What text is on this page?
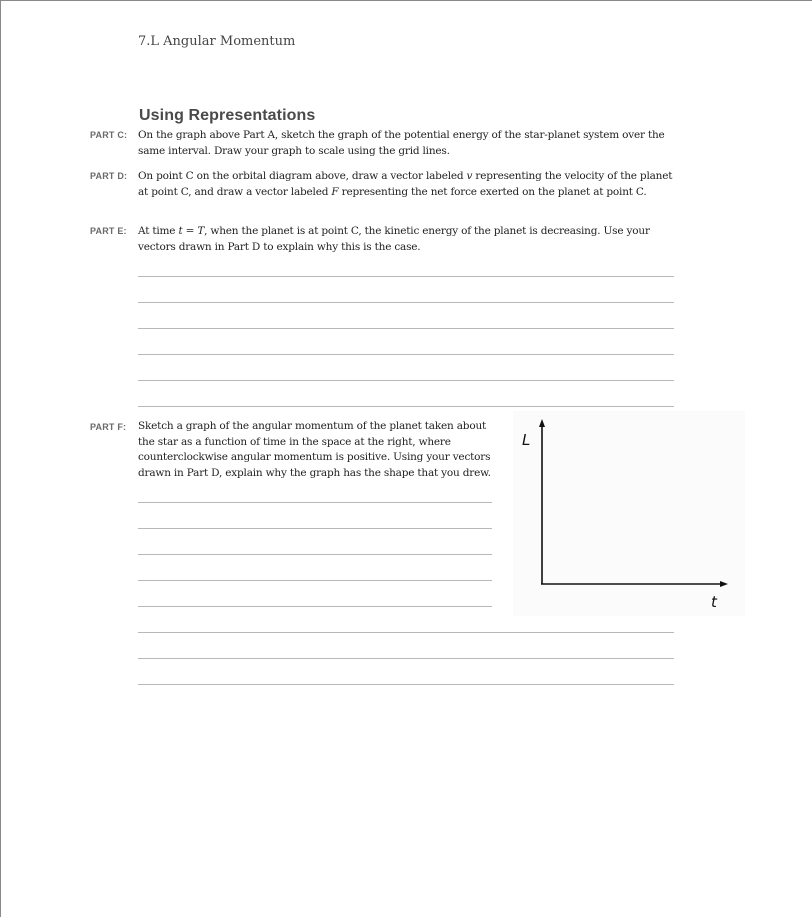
7.L Angular Momentum
Using Representations
PART C: On the graph above Part A, sketch the graph of the potential energy of the star-planet system over the same interval. Draw your graph to scale using the grid lines.
PART D: On point C on the orbital diagram above, draw a vector labeled v representing the velocity of the planet at point C, and draw a vector labeled F representing the net force exerted on the planet at point C.
PART E: At time t = T, when the planet is at point C, the kinetic energy of the planet is decreasing. Use your vectors drawn in Part D to explain why this is the case.
PART F: Sketch a graph of the angular momentum of the planet taken about the star as a function of time in the space at the right, where counterclockwise angular momentum is positive. Using your vectors drawn in Part D, explain why the graph has the shape that you drew.
L
t
